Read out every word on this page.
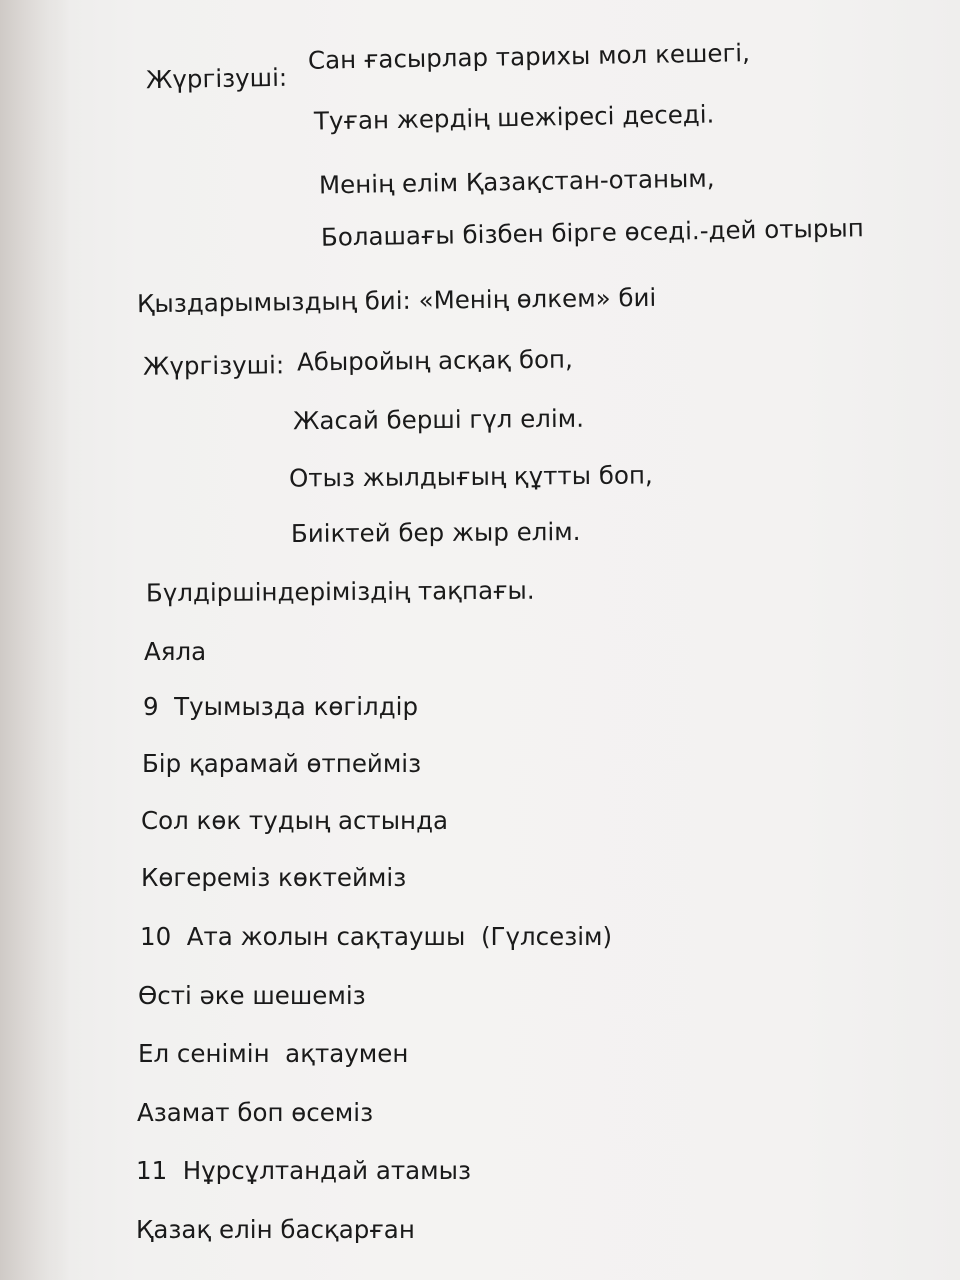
Жүргізуші:

Сан ғасырлар тарихы мол кешегі,

Туған жердің шежіресі деседі.

Менің елім Қазақстан-отаным,

Болашағы бізбен бірге өседі.-дей отырып

Қыздарымыздың биі: «Менің өлкем» биі

Жүргізуші: Абыройың асқақ боп,

Жасай берші гүл елім.

Отыз жылдығың құтты боп,

Биіктей бер жыр елім.

Бүлдіршіндеріміздің тақпағы.

Аяла

9  Туымызда көгілдір

Бір қарамай өтпейміз

Сол көк тудың астында

Көгереміз көктейміз

10  Ата жолын сақтаушы (Гүлсезім)

Өсті әке шешеміз

Ел сенімін  ақтаумен

Азамат боп өсеміз

11  Нұрсұлтандай атамыз

Қазақ елін басқарған
